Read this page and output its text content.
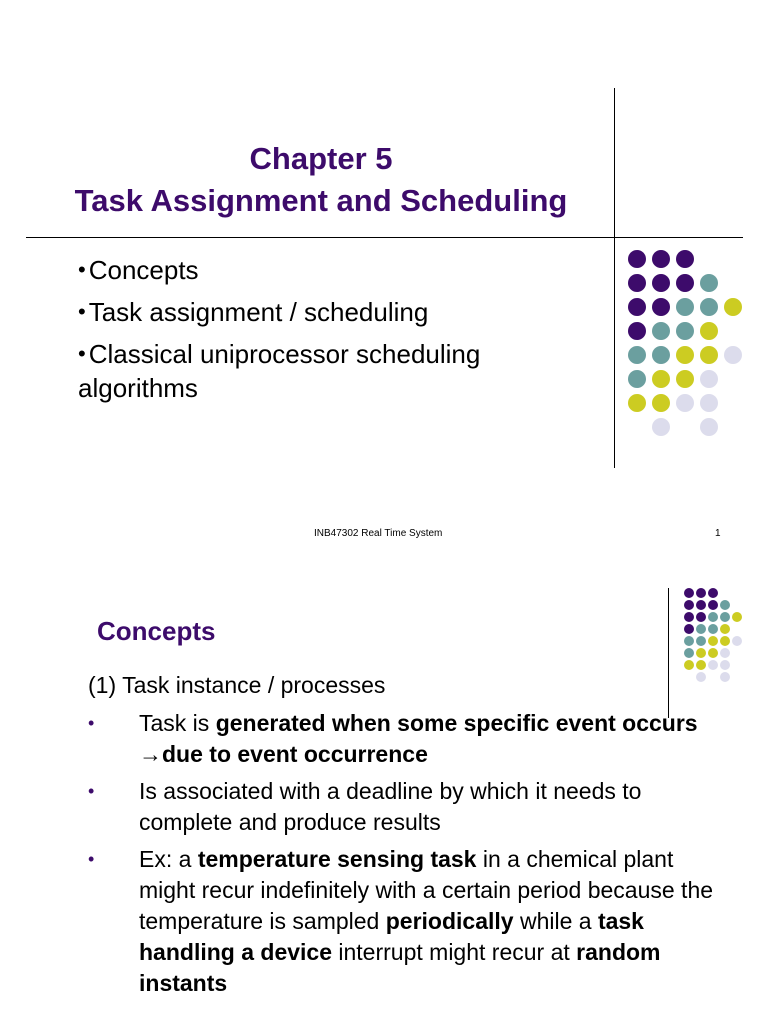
Chapter 5
Task Assignment and Scheduling
• Concepts
• Task assignment / scheduling
• Classical uniprocessor scheduling algorithms
INB47302 Real Time System	1
Concepts
(1) Task instance / processes
• Task is generated when some specific event occurs →due to event occurrence
• Is associated with a deadline by which it needs to complete and produce results
• Ex: a temperature sensing task in a chemical plant might recur indefinitely with a certain period because the temperature is sampled periodically while a task handling a device interrupt might recur at random instants
